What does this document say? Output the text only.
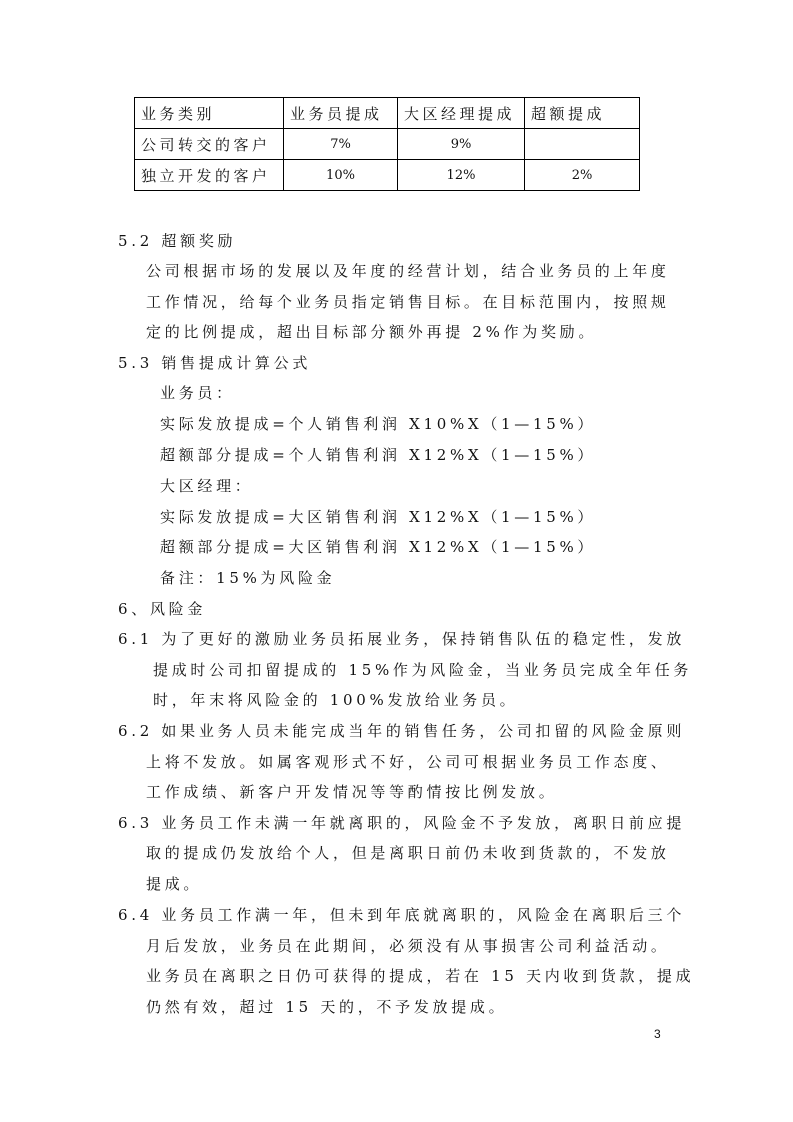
业务类别	业务员提成	大区经理提成	超额提成
公司转交的客户	7%	9%	
独立开发的客户	10%	12%	2%
5.2 超额奖励
公司根据市场的发展以及年度的经营计划，结合业务员的上年度
工作情况，给每个业务员指定销售目标。在目标范围内，按照规
定的比例提成，超出目标部分额外再提 2%作为奖励。
5.3 销售提成计算公式
业务员：
实际发放提成=个人销售利润 X10%X（1—15%）
超额部分提成=个人销售利润 X12%X（1—15%）
大区经理：
实际发放提成=大区销售利润 X12%X（1—15%）
超额部分提成=大区销售利润 X12%X（1—15%）
备注：15%为风险金
6、风险金
6.1 为了更好的激励业务员拓展业务，保持销售队伍的稳定性，发放
提成时公司扣留提成的 15%作为风险金，当业务员完成全年任务
时，年末将风险金的 100%发放给业务员。
6.2 如果业务人员未能完成当年的销售任务，公司扣留的风险金原则
上将不发放。如属客观形式不好，公司可根据业务员工作态度、
工作成绩、新客户开发情况等等酌情按比例发放。
6.3 业务员工作未满一年就离职的，风险金不予发放，离职日前应提
取的提成仍发放给个人，但是离职日前仍未收到货款的，不发放
提成。
6.4 业务员工作满一年，但未到年底就离职的，风险金在离职后三个
月后发放，业务员在此期间，必须没有从事损害公司利益活动。
业务员在离职之日仍可获得的提成，若在 15 天内收到货款，提成
仍然有效，超过 15 天的，不予发放提成。
3
